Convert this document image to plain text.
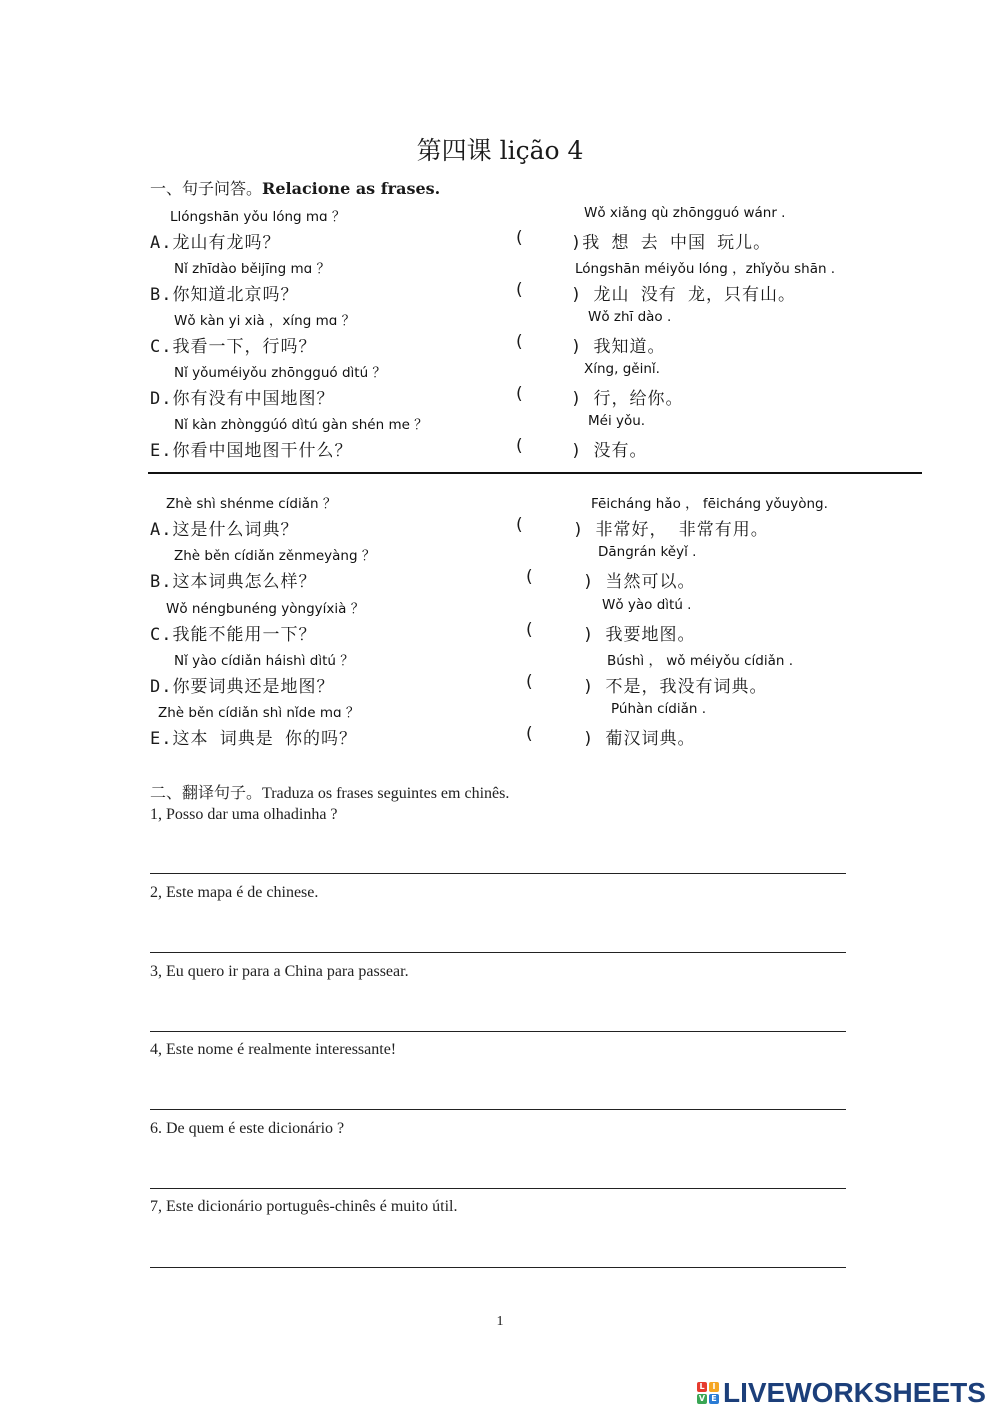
第四课 lição 4
一、句子问答。Relacione as frases.
Llóngshān yǒu lóng mɑ ？
A.龙山有龙吗？
Wǒ xiǎng qù zhōngguó wánr .
(	)我 想 去 中国 玩儿。
Nǐ zhīdào běijīng mɑ ？
B.你知道北京吗？
Lóngshān méiyǒu lóng ，zhǐyǒu shān .
(	) 龙山 没有 龙，只有山。
Wǒ kàn yi xià ，xíng mɑ ？
C.我看一下，行吗？
Wǒ zhī dào .
(	) 我知道。
Nǐ yǒuméiyǒu zhōngguó dìtú ？
D.你有没有中国地图？
Xíng, gěinǐ.
(	) 行，给你。
Nǐ kàn zhònggúó dìtú gàn shén me ？
E.你看中国地图干什么？
Méi yǒu.
(	) 没有。
Zhè shì shénme cídiǎn ？
A.这是什么词典？
Fēicháng hǎo ， fēicháng yǒuyòng.
(	) 非常好， 非常有用。
Zhè běn cídiǎn zěnmeyàng ？
B.这本词典怎么样？
Dāngrán kěyǐ .
(	) 当然可以。
Wǒ néngbunéng yòngyíxià ？
C.我能不能用一下？
Wǒ yào dìtú .
(	) 我要地图。
Nǐ yào cídiǎn háishì dìtú ？
D.你要词典还是地图？
Búshì ， wǒ méiyǒu cídiǎn .
(	) 不是，我没有词典。
Zhè běn cídiǎn shì nǐde mɑ ？
E.这本 词典是 你的吗？
Púhàn cídiǎn .
(	) 葡汉词典。
二、翻译句子。Traduza os frases seguintes em chinês.
1, Posso dar uma olhadinha ?
2, Este mapa é de chinese.
3, Eu quero ir para a China para passear.
4, Este nome é realmente interessante!
6. De quem é este dicionário ?
7, Este dicionário português-chinês é muito útil.
1
L I
V E LIVEWORKSHEETS
